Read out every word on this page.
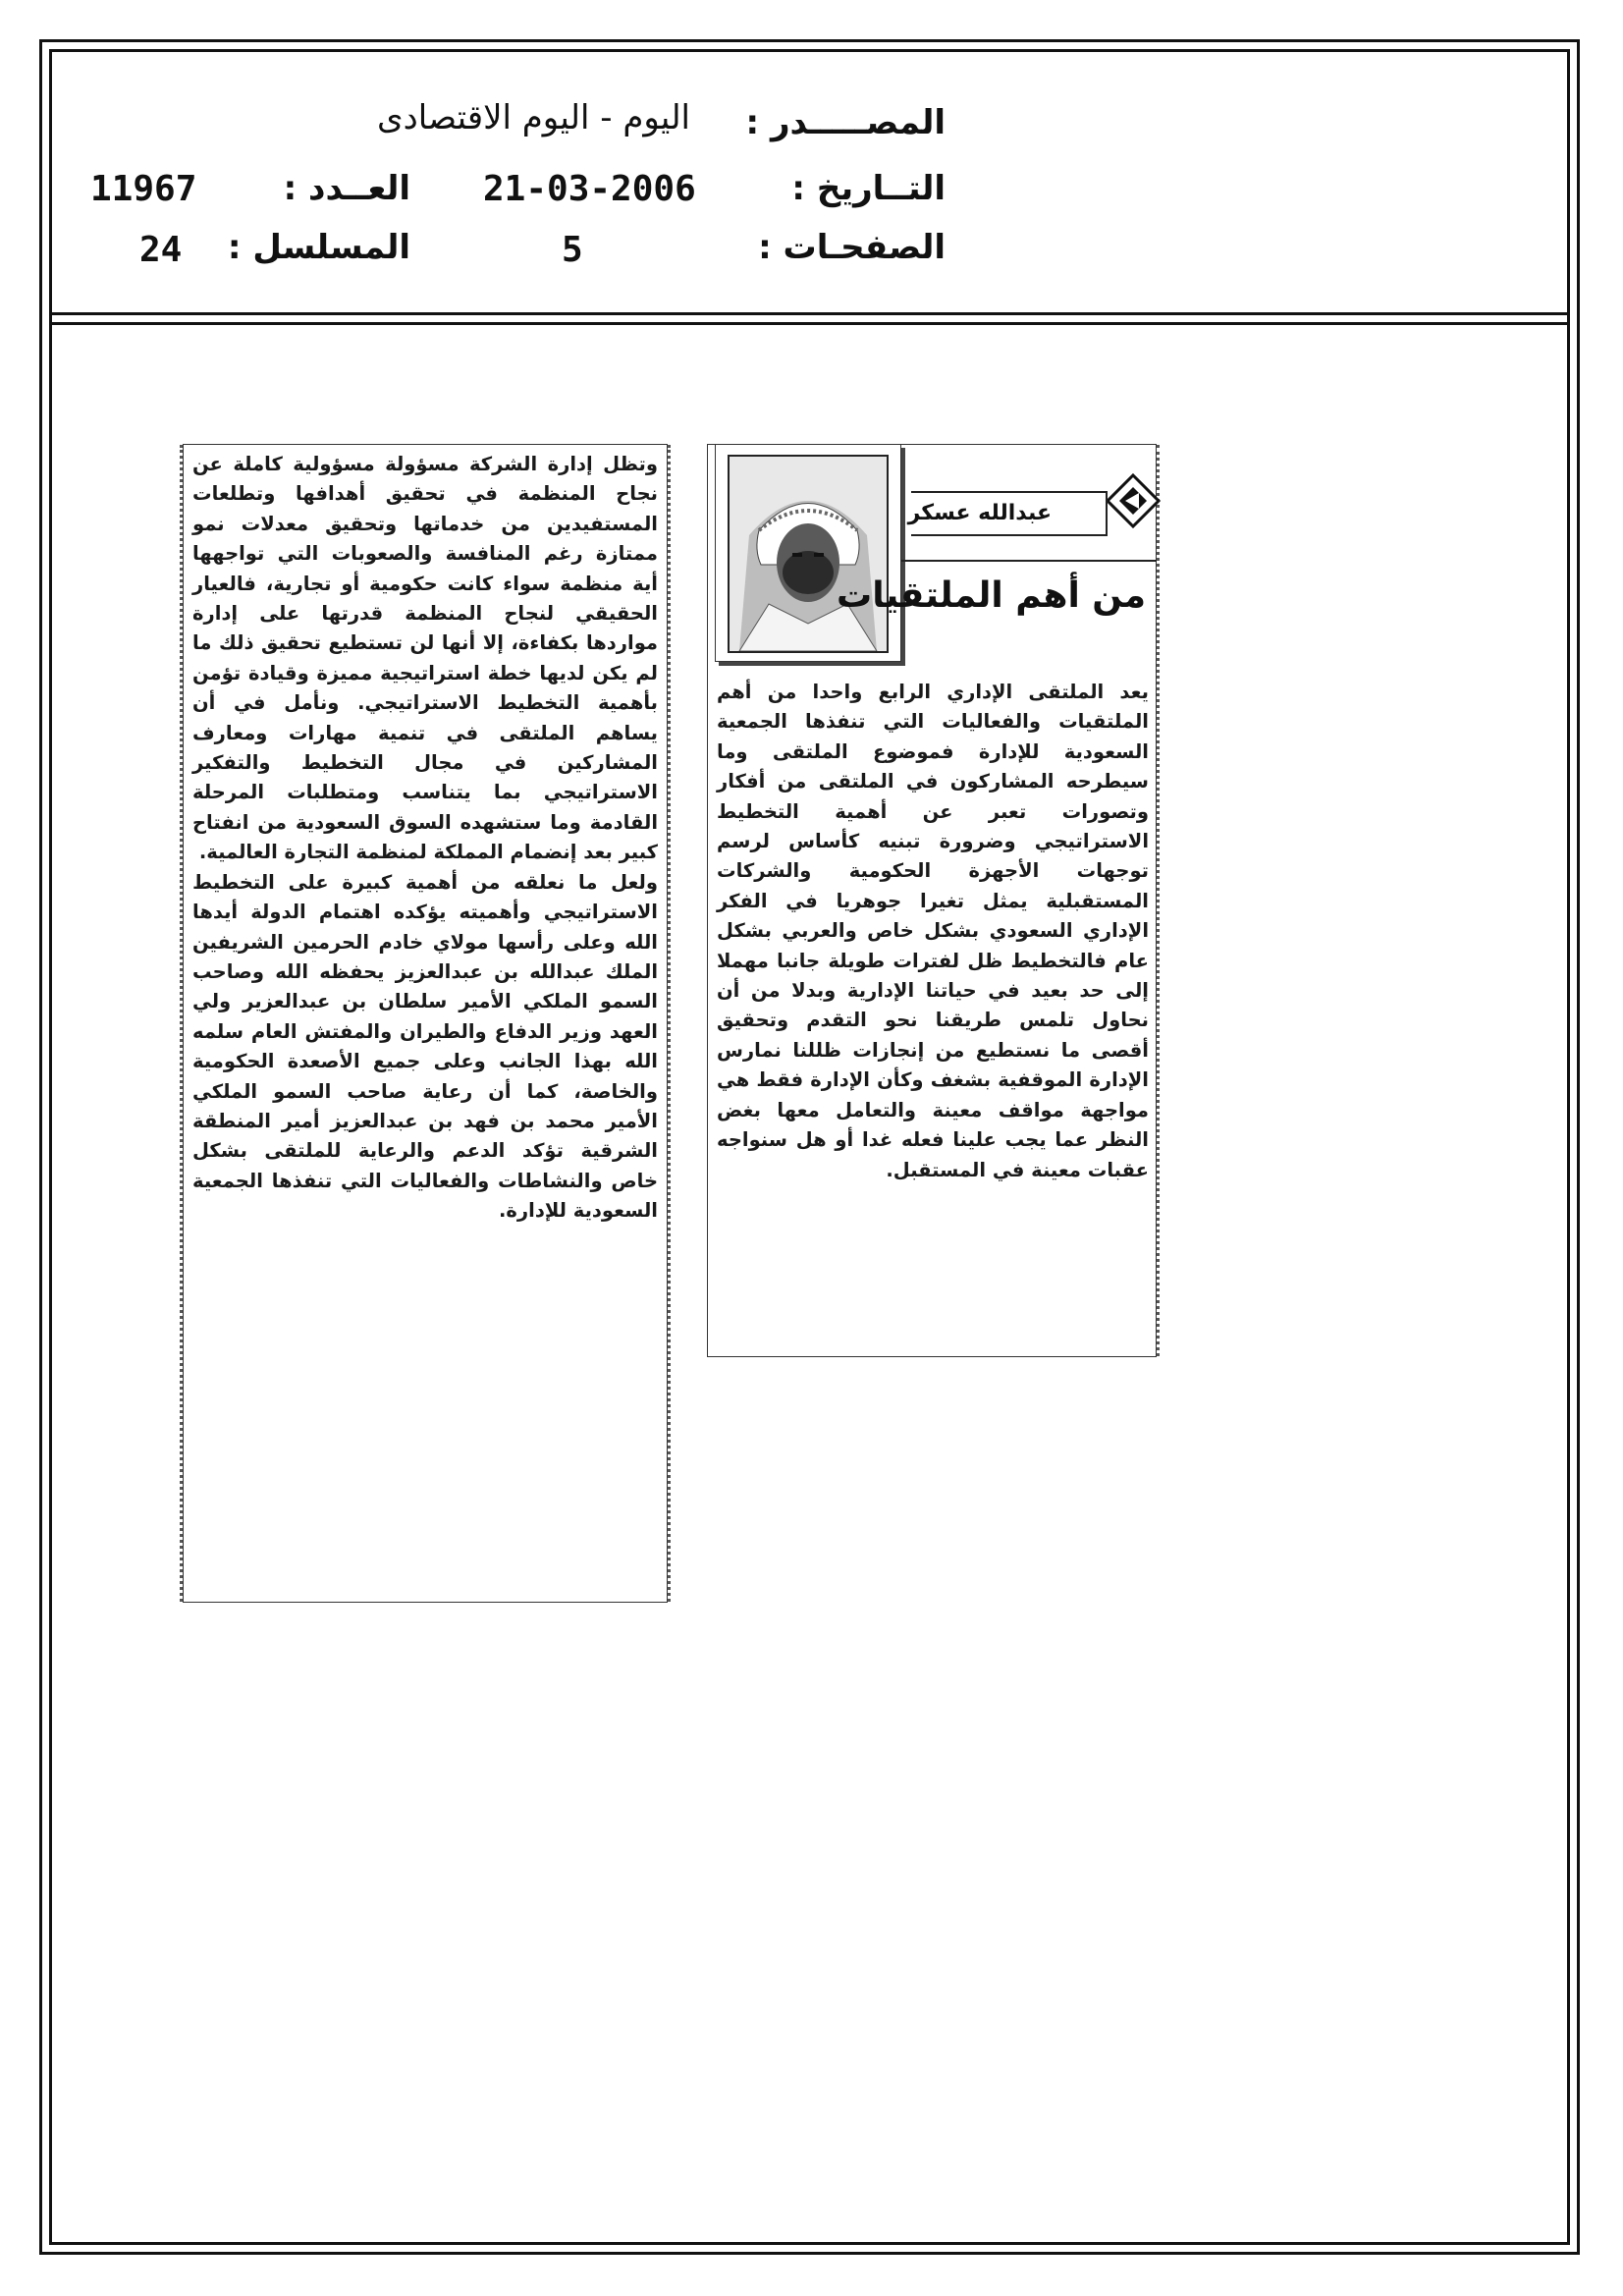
المصـــــدر :
اليوم - اليوم الاقتصادى
التــاريخ :
21-03-2006
العــدد :
11967
الصفحـات :
5
المسلسل :
24

وتظل إدارة الشركة مسؤولة مسؤولية كاملة عن نجاح المنظمة في تحقيق أهدافها وتطلعات المستفيدين من خدماتها وتحقيق معدلات نمو ممتازة رغم المنافسة والصعوبات التي تواجهها أية منظمة سواء كانت حكومية أو تجارية، فالعيار الحقيقي لنجاح المنظمة قدرتها على إدارة مواردها بكفاءة، إلا أنها لن تستطيع تحقيق ذلك ما لم يكن لديها خطة استراتيجية مميزة وقيادة تؤمن بأهمية التخطيط الاستراتيجي. ونأمل في أن يساهم الملتقى في تنمية مهارات ومعارف المشاركين في مجال التخطيط والتفكير الاستراتيجي بما يتناسب ومتطلبات المرحلة القادمة وما ستشهده السوق السعودية من انفتاح كبير بعد إنضمام المملكة لمنظمة التجارة العالمية.

ولعل ما نعلقه من أهمية كبيرة على التخطيط الاستراتيجي وأهميته يؤكده اهتمام الدولة أيدها الله وعلى رأسها مولاي خادم الحرمين الشريفين الملك عبدالله بن عبدالعزيز يحفظه الله وصاحب السمو الملكي الأمير سلطان بن عبدالعزير ولي العهد وزير الدفاع والطيران والمفتش العام سلمه الله بهذا الجانب وعلى جميع الأصعدة الحكومية والخاصة، كما أن رعاية صاحب السمو الملكي الأمير محمد بن فهد بن عبدالعزيز أمير المنطقة الشرقية تؤكد الدعم والرعاية للملتقى بشكل خاص والنشاطات والفعاليات التي تنفذها الجمعية السعودية للإدارة.

عبدالله عسكر
من أهم الملتقيات

يعد الملتقى الإداري الرابع واحدا من أهم الملتقيات والفعاليات التي تنفذها الجمعية السعودية للإدارة فموضوع الملتقى وما سيطرحه المشاركون في الملتقى من أفكار وتصورات تعبر عن أهمية التخطيط الاستراتيجي وضرورة تبنيه كأساس لرسم توجهات الأجهزة الحكومية والشركات المستقبلية يمثل تغيرا جوهريا في الفكر الإداري السعودي بشكل خاص والعربي بشكل عام فالتخطيط ظل لفترات طويلة جانبا مهملا إلى حد بعيد في حياتنا الإدارية وبدلا من أن نحاول تلمس طريقنا نحو التقدم وتحقيق أقصى ما نستطيع من إنجازات ظللنا نمارس الإدارة الموقفية بشغف وكأن الإدارة فقط هي مواجهة مواقف معينة والتعامل معها بغض النظر عما يجب علينا فعله غدا أو هل سنواجه عقبات معينة في المستقبل.
